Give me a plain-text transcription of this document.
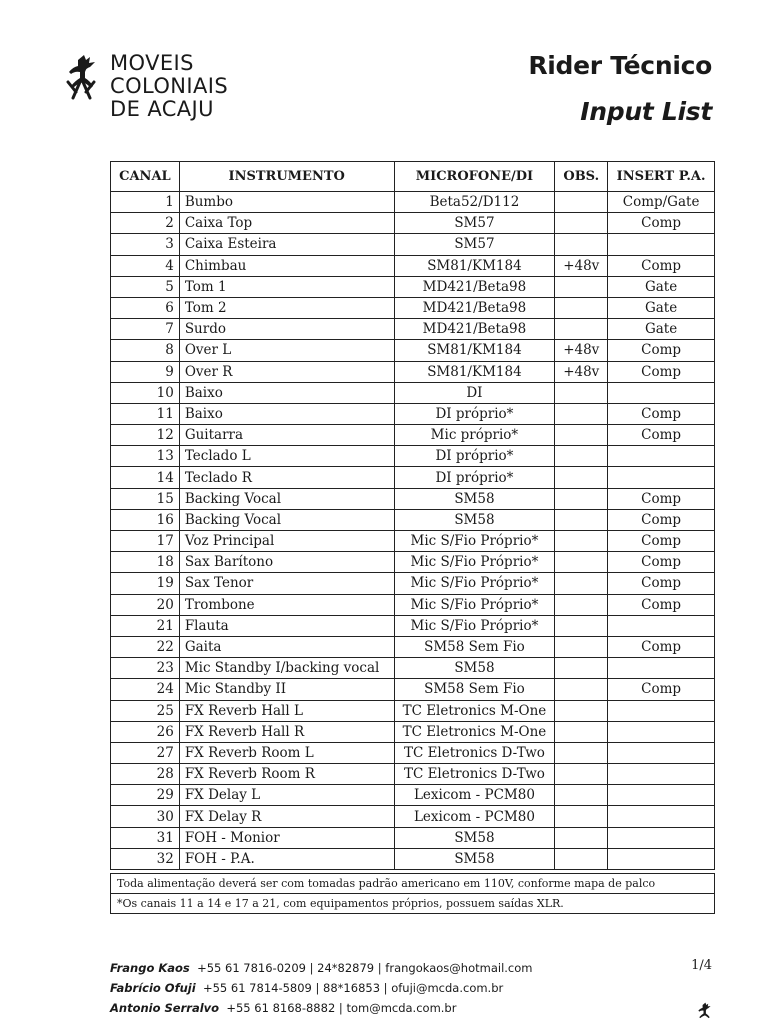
MOVEIS
COLONIAIS
DE ACAJU
Rider Técnico
Input List
CANAL	INSTRUMENTO	MICROFONE/DI	OBS.	INSERT P.A.
1	Bumbo	Beta52/D112		Comp/Gate
2	Caixa Top	SM57		Comp
3	Caixa Esteira	SM57		
4	Chimbau	SM81/KM184	+48v	Comp
5	Tom 1	MD421/Beta98		Gate
6	Tom 2	MD421/Beta98		Gate
7	Surdo	MD421/Beta98		Gate
8	Over L	SM81/KM184	+48v	Comp
9	Over R	SM81/KM184	+48v	Comp
10	Baixo	DI		
11	Baixo	DI próprio*		Comp
12	Guitarra	Mic próprio*		Comp
13	Teclado L	DI próprio*		
14	Teclado R	DI próprio*		
15	Backing Vocal	SM58		Comp
16	Backing Vocal	SM58		Comp
17	Voz Principal	Mic S/Fio Próprio*		Comp
18	Sax Barítono	Mic S/Fio Próprio*		Comp
19	Sax Tenor	Mic S/Fio Próprio*		Comp
20	Trombone	Mic S/Fio Próprio*		Comp
21	Flauta	Mic S/Fio Próprio*		
22	Gaita	SM58 Sem Fio		Comp
23	Mic Standby I/backing vocal	SM58		
24	Mic Standby II	SM58 Sem Fio		Comp
25	FX Reverb Hall L	TC Eletronics M-One		
26	FX Reverb Hall R	TC Eletronics M-One		
27	FX Reverb Room L	TC Eletronics D-Two		
28	FX Reverb Room R	TC Eletronics D-Two		
29	FX Delay L	Lexicom - PCM80		
30	FX Delay R	Lexicom - PCM80		
31	FOH - Monior	SM58		
32	FOH - P.A.	SM58		
Toda alimentação deverá ser com tomadas padrão americano em 110V, conforme mapa de palco
*Os canais 11 a 14 e 17 a 21, com equipamentos próprios, possuem saídas XLR.
Frango Kaos +55 61 7816-0209 | 24*82879 | frangokaos@hotmail.com
Fabrício Ofuji +55 61 7814-5809 | 88*16853 | ofuji@mcda.com.br
Antonio Serralvo +55 61 8168-8882 | tom@mcda.com.br
1/4
